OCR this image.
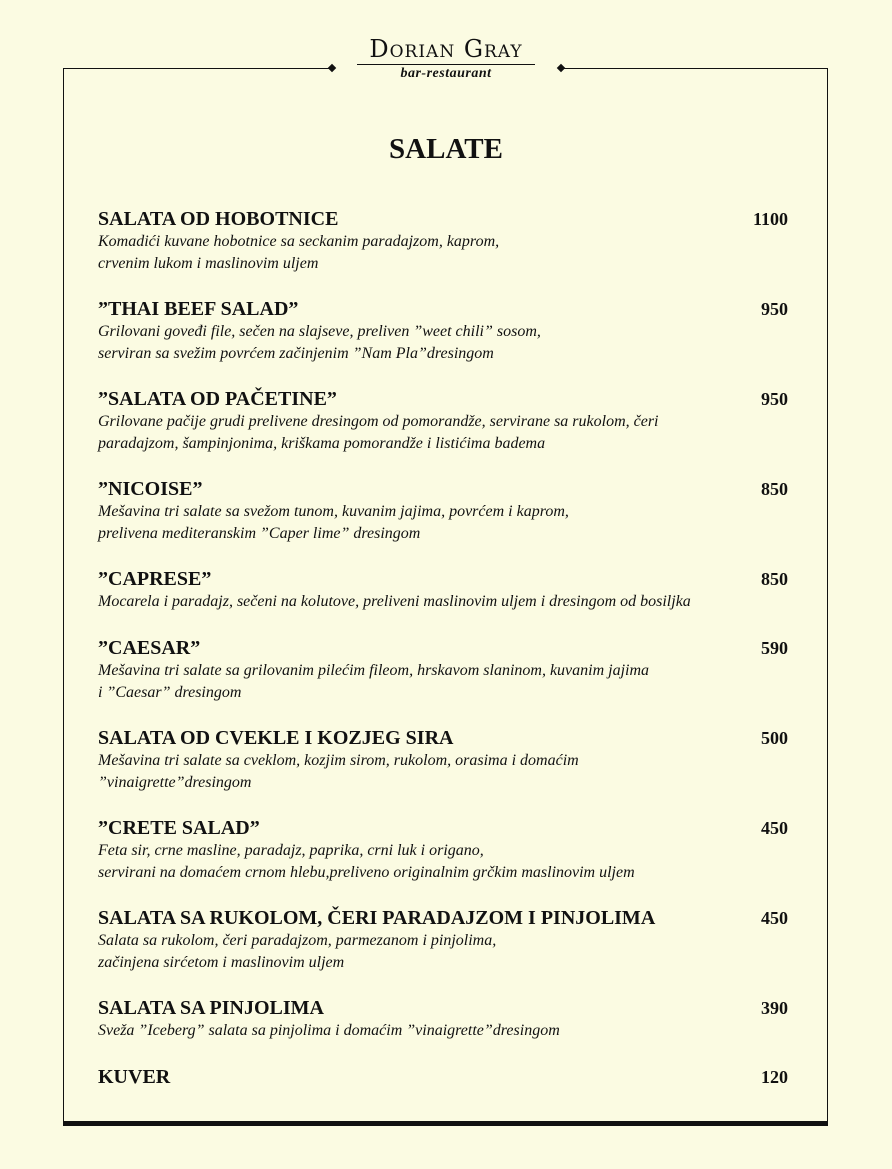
Dorian Gray
bar-restaurant
SALATE
SALATA OD HOBOTNICE	1100
Komadići kuvane hobotnice sa seckanim paradajzom, kaprom,
crvenim lukom i maslinovim uljem
”THAI BEEF SALAD”	950
Grilovani goveđi file, sečen na slajseve, preliven ”weet chili” sosom,
serviran sa svežim povrćem začinjenim ”Nam Pla”dresingom
”SALATA OD PAČETINE”	950
Grilovane pačije grudi prelivene dresingom od pomorandže, servirane sa rukolom, čeri
paradajzom, šampinjonima, kriškama pomorandže i listićima badema
”NICOISE”	850
Mešavina tri salate sa svežom tunom, kuvanim jajima, povrćem i kaprom,
prelivena mediteranskim ”Caper lime” dresingom
”CAPRESE”	850
Mocarela i paradajz, sečeni na kolutove, preliveni maslinovim uljem i dresingom od bosiljka
”CAESAR”	590
Mešavina tri salate sa grilovanim pilećim fileom, hrskavom slaninom, kuvanim jajima
i ”Caesar” dresingom
SALATA OD CVEKLE I KOZJEG SIRA	500
Mešavina tri salate sa cveklom, kozjim sirom, rukolom, orasima i domaćim
”vinaigrette”dresingom
”CRETE SALAD”	450
Feta sir, crne masline, paradajz, paprika, crni luk i origano,
servirani na domaćem crnom hlebu,preliveno originalnim grčkim maslinovim uljem
SALATA SA RUKOLOM, ČERI PARADAJZOM I PINJOLIMA	450
Salata sa rukolom, čeri paradajzom, parmezanom i pinjolima,
začinjena sirćetom i maslinovim uljem
SALATA SA PINJOLIMA	390
Sveža ”Iceberg” salata sa pinjolima i domaćim ”vinaigrette”dresingom
KUVER	120
